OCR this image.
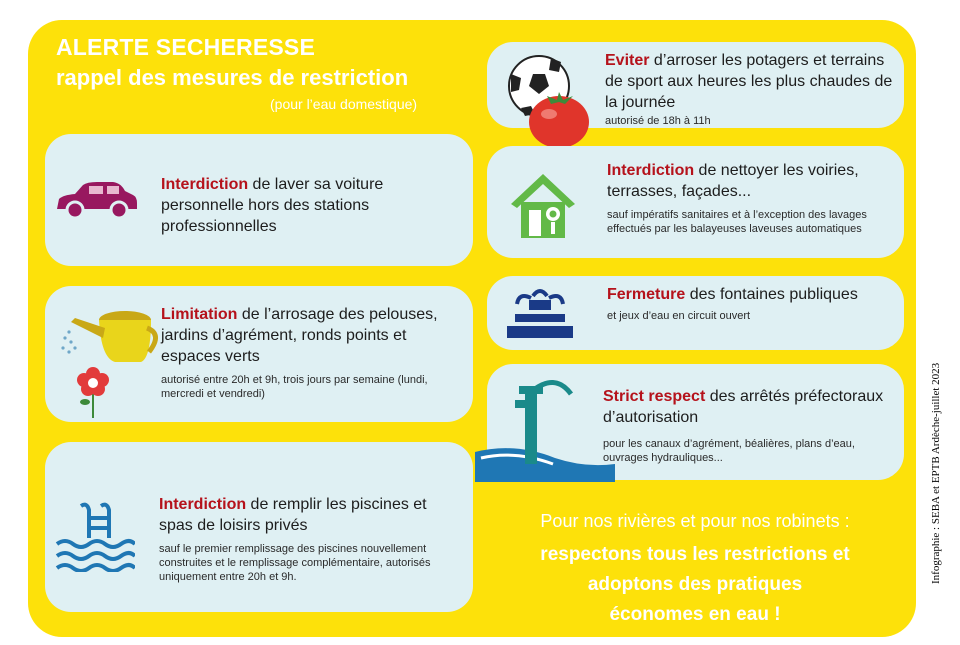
ALERTE SECHERESSE
rappel des mesures de restriction
(pour l’eau domestique)
Interdiction de laver sa voiture personnelle hors des stations professionnelles
Limitation de l’arrosage des pelouses, jardins d’agrément, ronds points et espaces verts
autorisé entre 20h et 9h, trois jours par semaine (lundi, mercredi et vendredi)
Interdiction de remplir les piscines et spas de loisirs privés
sauf le premier remplissage des piscines nouvellement construites et le remplissage complémentaire, autorisés uniquement entre 20h et 9h.
Eviter d’arroser les potagers et terrains de sport aux heures les plus chaudes de la journée
autorisé de 18h à 11h
Interdiction de nettoyer les voiries, terrasses, façades...
sauf impératifs sanitaires et à l’exception des lavages effectués par les balayeuses laveuses automatiques
Fermeture des fontaines publiques
et jeux d’eau en circuit ouvert
Strict respect des arrêtés préfectoraux d’autorisation
pour les canaux d’agrément, béalières, plans d’eau, ouvrages hydrauliques...
Pour nos rivières et pour nos robinets :
respectons tous les restrictions et
adoptons des pratiques
économes en eau !
Infographie : SEBA et EPTB Ardèche-juillet 2023
